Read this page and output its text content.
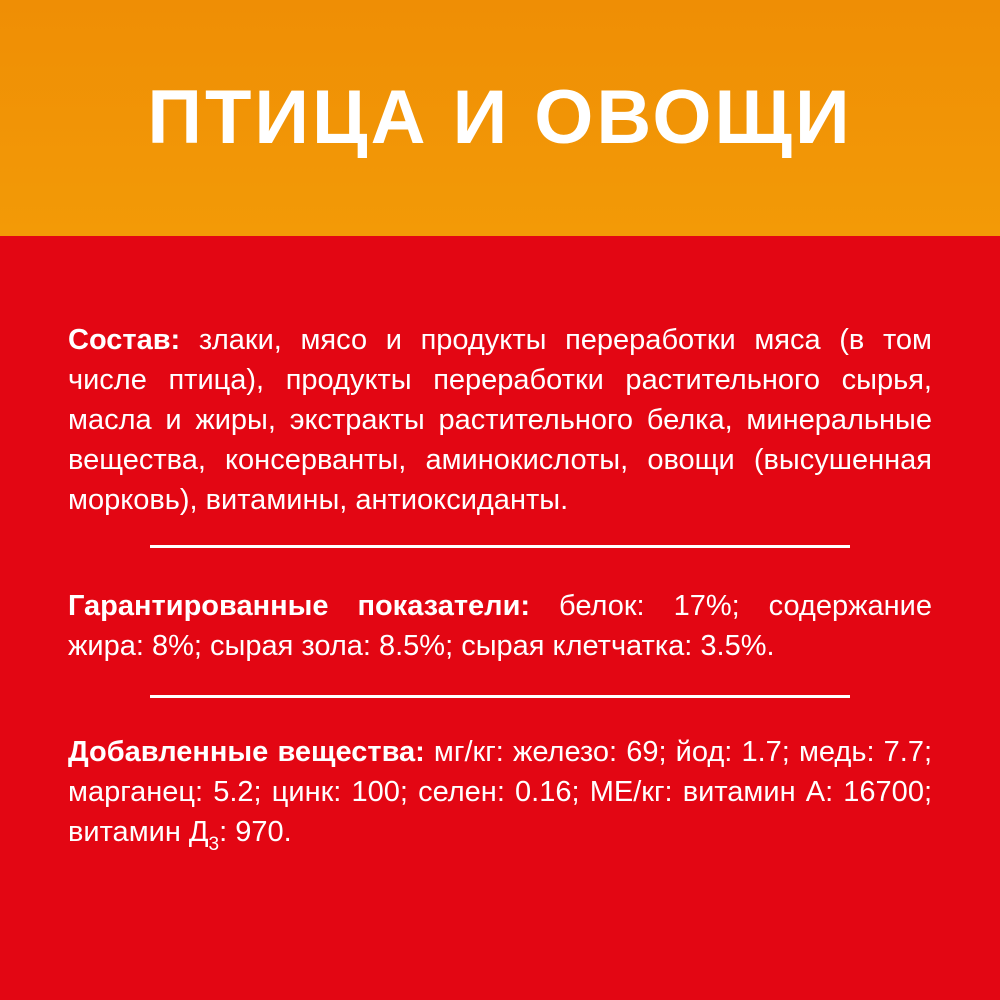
ПТИЦА И ОВОЩИ

Состав: злаки, мясо и продукты переработки мяса (в том числе птица), продукты переработки растительного сырья, масла и жиры, экстракты растительного белка, минеральные вещества, консерванты, аминокислоты, овощи (высушенная морковь), витамины, антиоксиданты.

Гарантированные показатели: белок: 17%; содержание жира: 8%; сырая зола: 8.5%; сырая клетчатка: 3.5%.

Добавленные вещества: мг/кг: железо: 69; йод: 1.7; медь: 7.7; марганец: 5.2; цинк: 100; селен: 0.16; МЕ/кг: витамин А: 16700; витамин $Д_3$: 970.
